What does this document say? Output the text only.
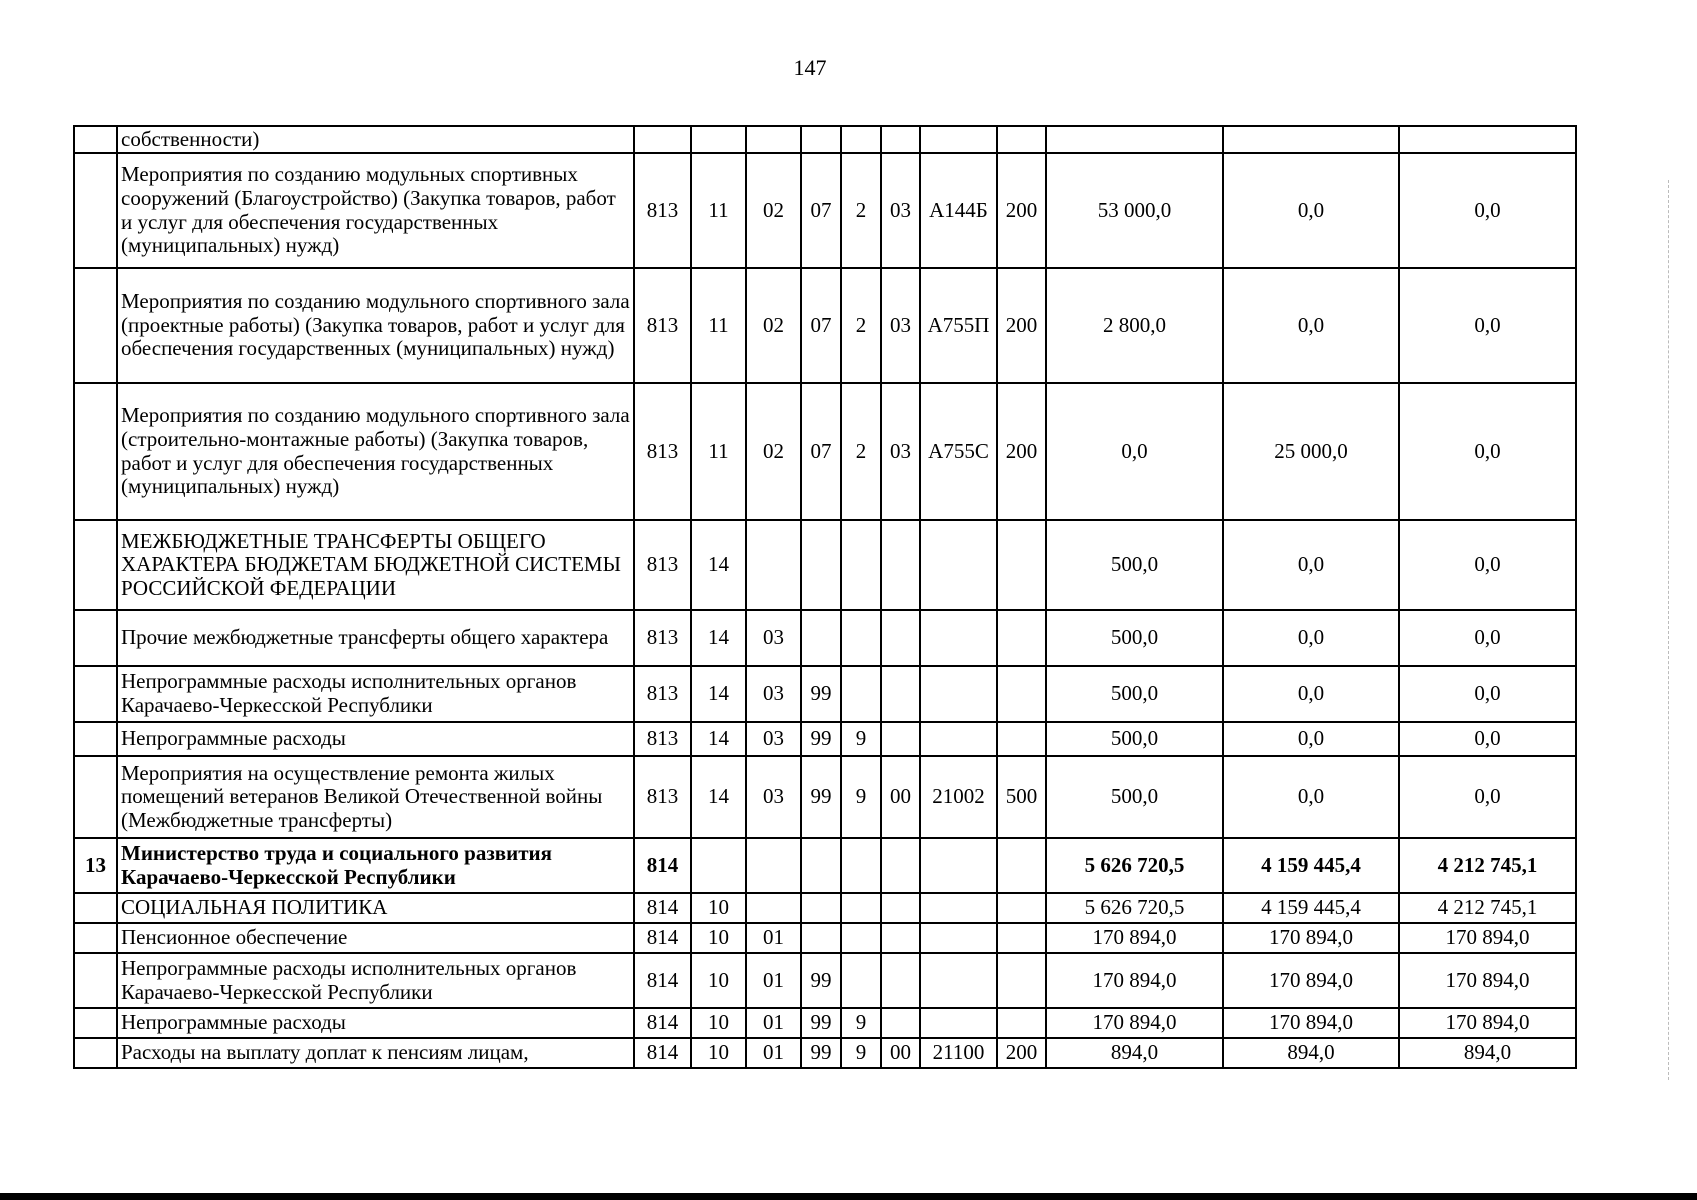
147
	собственности)											
	Мероприятия по созданию модульных спортивных сооружений (Благоустройство) (Закупка товаров, работ и услуг для обеспечения государственных (муниципальных) нужд)	813	11	02	07	2	03	А144Б	200	53 000,0	0,0	0,0
	Мероприятия по созданию модульного спортивного зала (проектные работы) (Закупка товаров, работ и услуг для обеспечения государственных (муниципальных) нужд)	813	11	02	07	2	03	А755П	200	2 800,0	0,0	0,0
	Мероприятия по созданию модульного спортивного зала (строительно-монтажные работы) (Закупка товаров, работ и услуг для обеспечения государственных (муниципальных) нужд)	813	11	02	07	2	03	А755С	200	0,0	25 000,0	0,0
	МЕЖБЮДЖЕТНЫЕ ТРАНСФЕРТЫ ОБЩЕГО ХАРАКТЕРА БЮДЖЕТАМ БЮДЖЕТНОЙ СИСТЕМЫ РОССИЙСКОЙ ФЕДЕРАЦИИ	813	14							500,0	0,0	0,0
	Прочие межбюджетные трансферты общего характера	813	14	03						500,0	0,0	0,0
	Непрограммные расходы исполнительных органов Карачаево-Черкесской Республики	813	14	03	99					500,0	0,0	0,0
	Непрограммные расходы	813	14	03	99	9				500,0	0,0	0,0
	Мероприятия на осуществление ремонта жилых помещений ветеранов Великой Отечественной войны (Межбюджетные трансферты)	813	14	03	99	9	00	21002	500	500,0	0,0	0,0
13	Министерство труда и социального развития Карачаево-Черкесской Республики	814								5 626 720,5	4 159 445,4	4 212 745,1
	СОЦИАЛЬНАЯ ПОЛИТИКА	814	10							5 626 720,5	4 159 445,4	4 212 745,1
	Пенсионное обеспечение	814	10	01						170 894,0	170 894,0	170 894,0
	Непрограммные расходы исполнительных органов Карачаево-Черкесской Республики	814	10	01	99					170 894,0	170 894,0	170 894,0
	Непрограммные расходы	814	10	01	99	9				170 894,0	170 894,0	170 894,0
	Расходы на выплату доплат к пенсиям лицам,	814	10	01	99	9	00	21100	200	894,0	894,0	894,0
